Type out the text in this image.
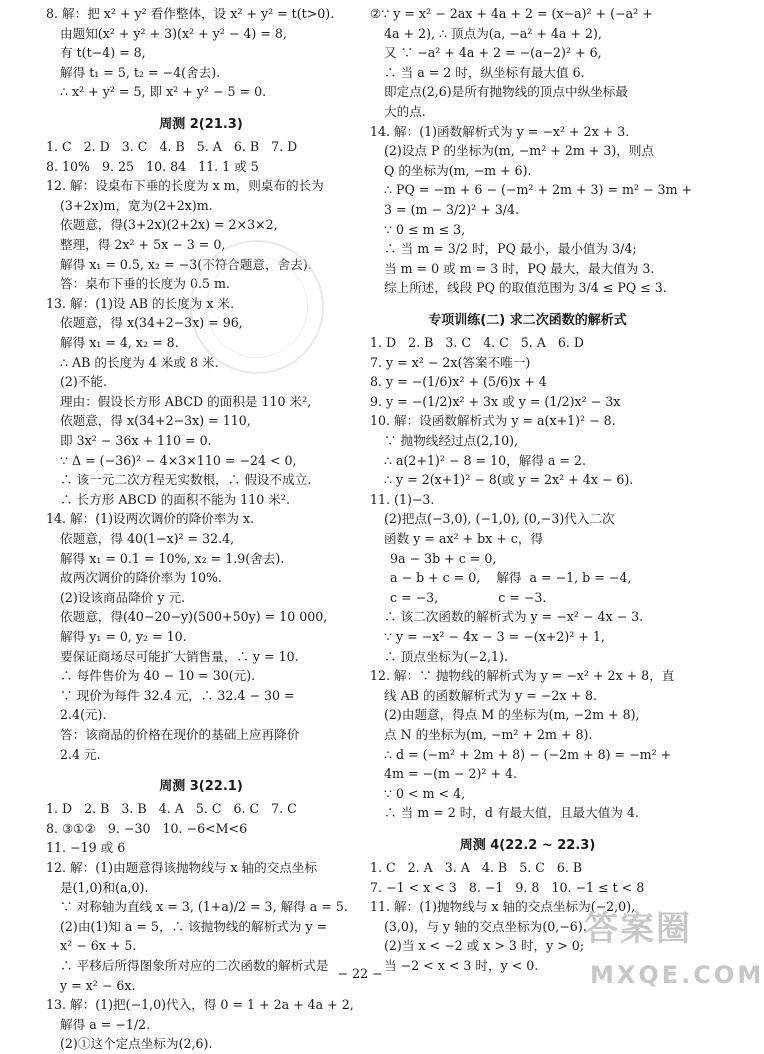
8. 解：把 x² + y² 看作整体，设 x² + y² = t(t>0).
由题知(x² + y² + 3)(x² + y² − 4) = 8,
有 t(t−4) = 8,
解得 t₁ = 5, t₂ = −4(舍去).
∴ x² + y² = 5, 即 x² + y² − 5 = 0.
周测 2(21.3)
1. C   2. D   3. C   4. B   5. A   6. B   7. D
8. 10%   9. 25   10. 84   11. 1 或 5
12. 解：设桌布下垂的长度为 x m，则桌布的长为
(3+2x)m，宽为(2+2x)m.
依题意，得(3+2x)(2+2x) = 2×3×2,
整理，得 2x² + 5x − 3 = 0,
解得 x₁ = 0.5, x₂ = −3(不符合题意，舍去).
答：桌布下垂的长度为 0.5 m.
13. 解：(1)设 AB 的长度为 x 米.
依题意，得 x(34+2−3x) = 96,
解得 x₁ = 4, x₂ = 8.
∴ AB 的长度为 4 米或 8 米.
(2)不能.
理由：假设长方形 ABCD 的面积是 110 米²,
依题意，得 x(34+2−3x) = 110,
即 3x² − 36x + 110 = 0.
∵ Δ = (−36)² − 4×3×110 = −24 < 0,
∴ 该一元二次方程无实数根，∴ 假设不成立.
∴ 长方形 ABCD 的面积不能为 110 米².
14. 解：(1)设两次调价的降价率为 x.
依题意，得 40(1−x)² = 32.4,
解得 x₁ = 0.1 = 10%, x₂ = 1.9(舍去).
故两次调价的降价率为 10%.
(2)设该商品降价 y 元.
依题意，得(40−20−y)(500+50y) = 10 000,
解得 y₁ = 0, y₂ = 10.
要保证商场尽可能扩大销售量，∴ y = 10.
∴ 每件售价为 40 − 10 = 30(元).
∵ 现价为每件 32.4 元，∴ 32.4 − 30 =
2.4(元).
答：该商品的价格在现价的基础上应再降价
2.4 元.
周测 3(22.1)
1. D   2. B   3. B   4. A   5. C   6. C   7. C
8. ③①②   9. −30   10. −6<M<6
11. −19 或 6
12. 解：(1)由题意得该抛物线与 x 轴的交点坐标
是(1,0)和(a,0).
∵ 对称轴为直线 x = 3, (1+a)/2 = 3, 解得 a = 5.
(2)由(1)知 a = 5，∴ 该抛物线的解析式为 y =
x² − 6x + 5.
∴ 平移后所得图象所对应的二次函数的解析式是
y = x² − 6x.
13. 解：(1)把(−1,0)代入，得 0 = 1 + 2a + 4a + 2,
解得 a = −1/2.
(2)①这个定点坐标为(2,6).
②∵ y = x² − 2ax + 4a + 2 = (x−a)² + (−a² +
4a + 2), ∴ 顶点为(a, −a² + 4a + 2),
又 ∵ −a² + 4a + 2 = −(a−2)² + 6,
∴ 当 a = 2 时，纵坐标有最大值 6.
即定点(2,6)是所有抛物线的顶点中纵坐标最
大的点.
14. 解：(1)函数解析式为 y = −x² + 2x + 3.
(2)设点 P 的坐标为(m, −m² + 2m + 3)，则点
Q 的坐标为(m, −m + 6).
∴ PQ = −m + 6 − (−m² + 2m + 3) = m² − 3m +
3 = (m − 3/2)² + 3/4.
∵ 0 ≤ m ≤ 3,
∴ 当 m = 3/2 时，PQ 最小，最小值为 3/4;
当 m = 0 或 m = 3 时，PQ 最大，最大值为 3.
综上所述，线段 PQ 的取值范围为 3/4 ≤ PQ ≤ 3.
专项训练(二) 求二次函数的解析式
1. D   2. B   3. C   4. C   5. A   6. D
7. y = x² − 2x(答案不唯一)
8. y = −(1/6)x² + (5/6)x + 4
9. y = −(1/2)x² + 3x 或 y = (1/2)x² − 3x
10. 解：设函数解析式为 y = a(x+1)² − 8.
∵ 抛物线经过点(2,10),
∴ a(2+1)² − 8 = 10，解得 a = 2.
∴ y = 2(x+1)² − 8(或 y = 2x² + 4x − 6).
11. (1)−3.
(2)把点(−3,0), (−1,0), (0,−3)代入二次
函数 y = ax² + bx + c，得
9a − 3b + c = 0,
a − b + c = 0,    解得  a = −1, b = −4,
c = −3,               c = −3.
∴ 该二次函数的解析式为 y = −x² − 4x − 3.
∵ y = −x² − 4x − 3 = −(x+2)² + 1,
∴ 顶点坐标为(−2,1).
12. 解：∵ 抛物线的解析式为 y = −x² + 2x + 8，直
线 AB 的函数解析式为 y = −2x + 8.
(2)由题意，得点 M 的坐标为(m, −2m + 8),
点 N 的坐标为(m, −m² + 2m + 8).
∴ d = (−m² + 2m + 8) − (−2m + 8) = −m² +
4m = −(m − 2)² + 4.
∵ 0 < m < 4,
∴ 当 m = 2 时，d 有最大值，且最大值为 4.
周测 4(22.2 ~ 22.3)
1. C   2. A   3. A   4. B   5. C   6. B
7. −1 < x < 3   8. −1   9. 8   10. −1 ≤ t < 8
11. 解：(1)抛物线与 x 轴的交点坐标为(−2,0),
(3,0)，与 y 轴的交点坐标为(0,−6).
(2)当 x < −2 或 x > 3 时，y > 0;
当 −2 < x < 3 时，y < 0.
− 22 −
答案圈
MXQE.COM
